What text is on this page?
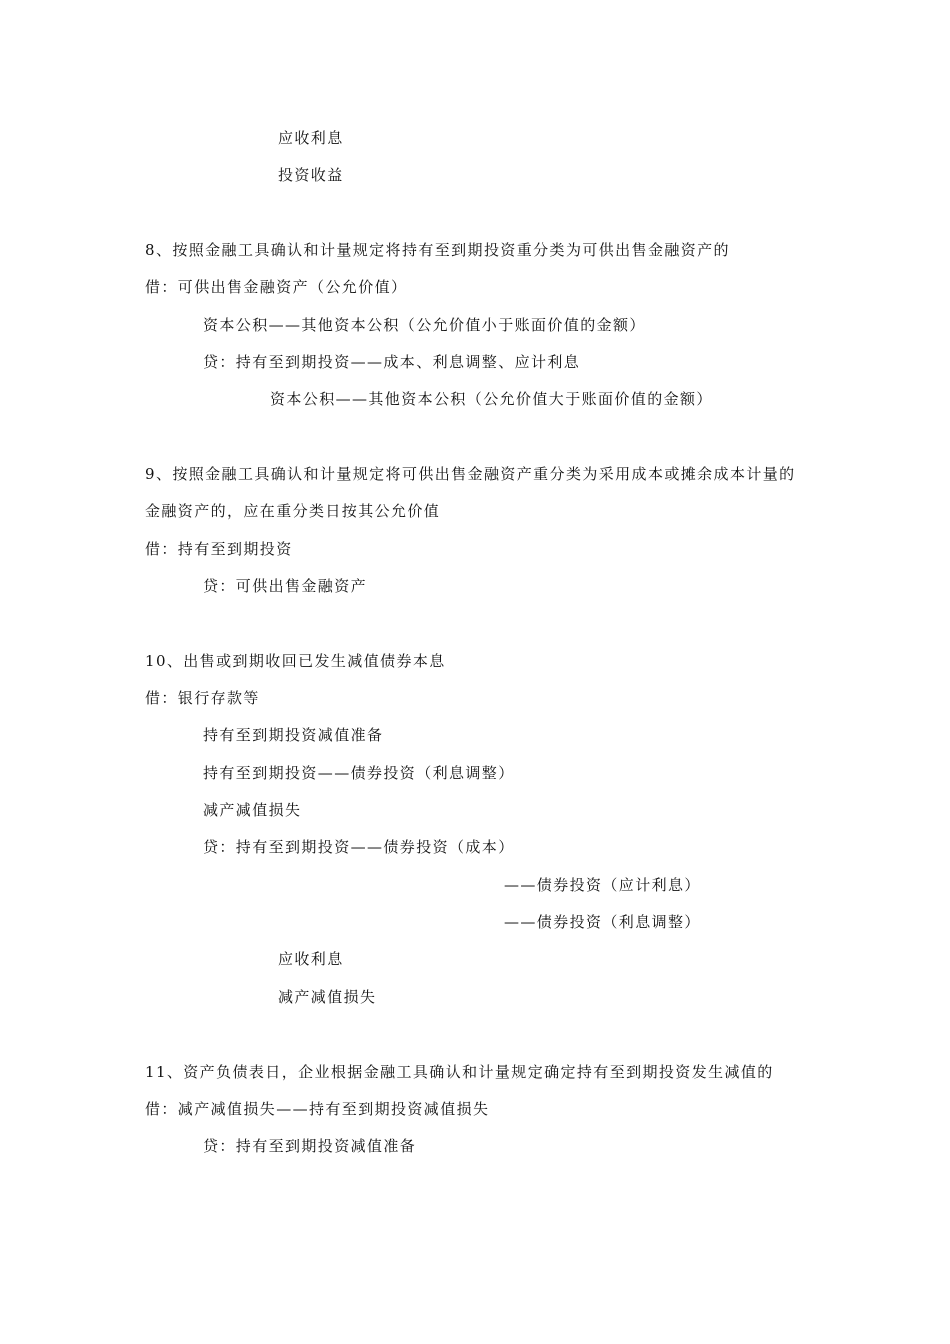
应收利息
投资收益
8、按照金融工具确认和计量规定将持有至到期投资重分类为可供出售金融资产的
借：可供出售金融资产（公允价值）
资本公积——其他资本公积（公允价值小于账面价值的金额）
贷：持有至到期投资——成本、利息调整、应计利息
资本公积——其他资本公积（公允价值大于账面价值的金额）
9、按照金融工具确认和计量规定将可供出售金融资产重分类为采用成本或摊余成本计量的
金融资产的，应在重分类日按其公允价值
借：持有至到期投资
贷：可供出售金融资产
10、出售或到期收回已发生减值债券本息
借：银行存款等
持有至到期投资减值准备
持有至到期投资——债券投资（利息调整）
减产减值损失
贷：持有至到期投资——债券投资（成本）
——债券投资（应计利息）
——债券投资（利息调整）
应收利息
减产减值损失
11、资产负债表日，企业根据金融工具确认和计量规定确定持有至到期投资发生减值的
借：减产减值损失——持有至到期投资减值损失
贷：持有至到期投资减值准备
